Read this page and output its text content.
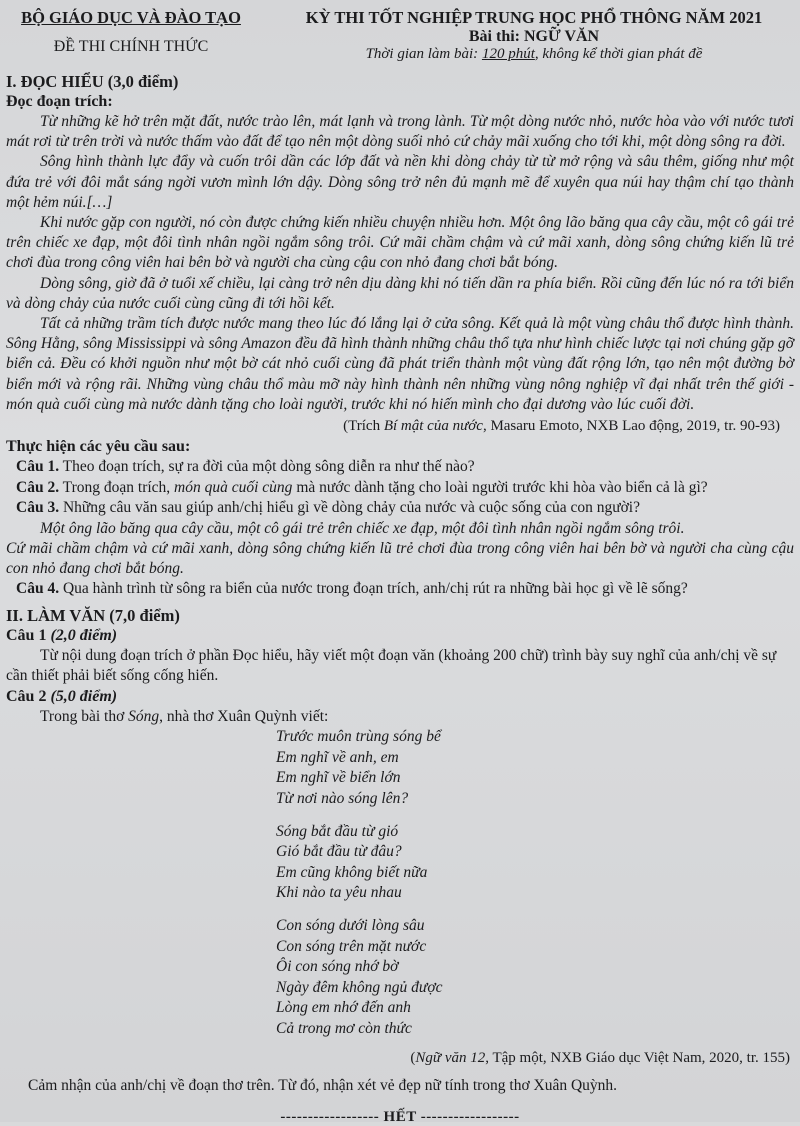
BỘ GIÁO DỤC VÀ ĐÀO TẠO
ĐỀ THI CHÍNH THỨC
KỲ THI TỐT NGHIỆP TRUNG HỌC PHỔ THÔNG NĂM 2021
Bài thi: NGỮ VĂN
Thời gian làm bài: 120 phút, không kể thời gian phát đề
I. ĐỌC HIỂU (3,0 điểm)
Đọc đoạn trích:

Từ những kẽ hở trên mặt đất, nước trào lên, mát lạnh và trong lành. Từ một dòng nước nhỏ, nước hòa vào với nước tươi mát rơi từ trên trời và nước thấm vào đất để tạo nên một dòng suối nhỏ cứ chảy mãi xuống cho tới khi, một dòng sông ra đời.

Sông hình thành lực đẩy và cuốn trôi dần các lớp đất và nền khi dòng chảy từ từ mở rộng và sâu thêm, giống như một đứa trẻ với đôi mắt sáng ngời vươn mình lớn dậy. Dòng sông trở nên đủ mạnh mẽ để xuyên qua núi hay thậm chí tạo thành một hẻm núi.[…]

Khi nước gặp con người, nó còn được chứng kiến nhiều chuyện nhiều hơn. Một ông lão băng qua cây cầu, một cô gái trẻ trên chiếc xe đạp, một đôi tình nhân ngồi ngắm sông trôi. Cứ mãi chầm chậm và cứ mãi xanh, dòng sông chứng kiến lũ trẻ chơi đùa trong công viên hai bên bờ và người cha cùng cậu con nhỏ đang chơi bắt bóng.

Dòng sông, giờ đã ở tuổi xế chiều, lại càng trở nên dịu dàng khi nó tiến dần ra phía biển. Rồi cũng đến lúc nó ra tới biển và dòng chảy của nước cuối cùng cũng đi tới hồi kết.

Tất cả những trầm tích được nước mang theo lúc đó lắng lại ở cửa sông. Kết quả là một vùng châu thổ được hình thành. Sông Hằng, sông Mississippi và sông Amazon đều đã hình thành những châu thổ tựa như hình chiếc lược tại nơi chúng gặp gỡ biển cả. Đều có khởi nguồn như một bờ cát nhỏ cuối cùng đã phát triển thành một vùng đất rộng lớn, tạo nên một đường bờ biển mới và rộng rãi. Những vùng châu thổ màu mỡ này hình thành nên những vùng nông nghiệp vĩ đại nhất trên thế giới - món quà cuối cùng mà nước dành tặng cho loài người, trước khi nó hiến mình cho đại dương vào lúc cuối đời.

(Trích Bí mật của nước, Masaru Emoto, NXB Lao động, 2019, tr. 90-93)

Thực hiện các yêu cầu sau:

Câu 1. Theo đoạn trích, sự ra đời của một dòng sông diễn ra như thế nào?

Câu 2. Trong đoạn trích, món quà cuối cùng mà nước dành tặng cho loài người trước khi hòa vào biển cả là gì?

Câu 3. Những câu văn sau giúp anh/chị hiểu gì về dòng chảy của nước và cuộc sống của con người?

Một ông lão băng qua cây cầu, một cô gái trẻ trên chiếc xe đạp, một đôi tình nhân ngồi ngắm sông trôi.

Cứ mãi chầm chậm và cứ mãi xanh, dòng sông chứng kiến lũ trẻ chơi đùa trong công viên hai bên bờ và người cha cùng cậu con nhỏ đang chơi bắt bóng.

Câu 4. Qua hành trình từ sông ra biển của nước trong đoạn trích, anh/chị rút ra những bài học gì về lẽ sống?

II. LÀM VĂN (7,0 điểm)
Câu 1 (2,0 điểm)

Từ nội dung đoạn trích ở phần Đọc hiểu, hãy viết một đoạn văn (khoảng 200 chữ) trình bày suy nghĩ của anh/chị về sự cần thiết phải biết sống cống hiến.

Câu 2 (5,0 điểm)

Trong bài thơ Sóng, nhà thơ Xuân Quỳnh viết:

Trước muôn trùng sóng bể
Em nghĩ về anh, em
Em nghĩ về biển lớn
Từ nơi nào sóng lên?
Sóng bắt đầu từ gió
Gió bắt đầu từ đâu?
Em cũng không biết nữa
Khi nào ta yêu nhau
Con sóng dưới lòng sâu
Con sóng trên mặt nước
Ôi con sóng nhớ bờ
Ngày đêm không ngủ được
Lòng em nhớ đến anh
Cả trong mơ còn thức

(Ngữ văn 12, Tập một, NXB Giáo dục Việt Nam, 2020, tr. 155)

Cảm nhận của anh/chị về đoạn thơ trên. Từ đó, nhận xét vẻ đẹp nữ tính trong thơ Xuân Quỳnh.

------------------ HẾT ------------------
